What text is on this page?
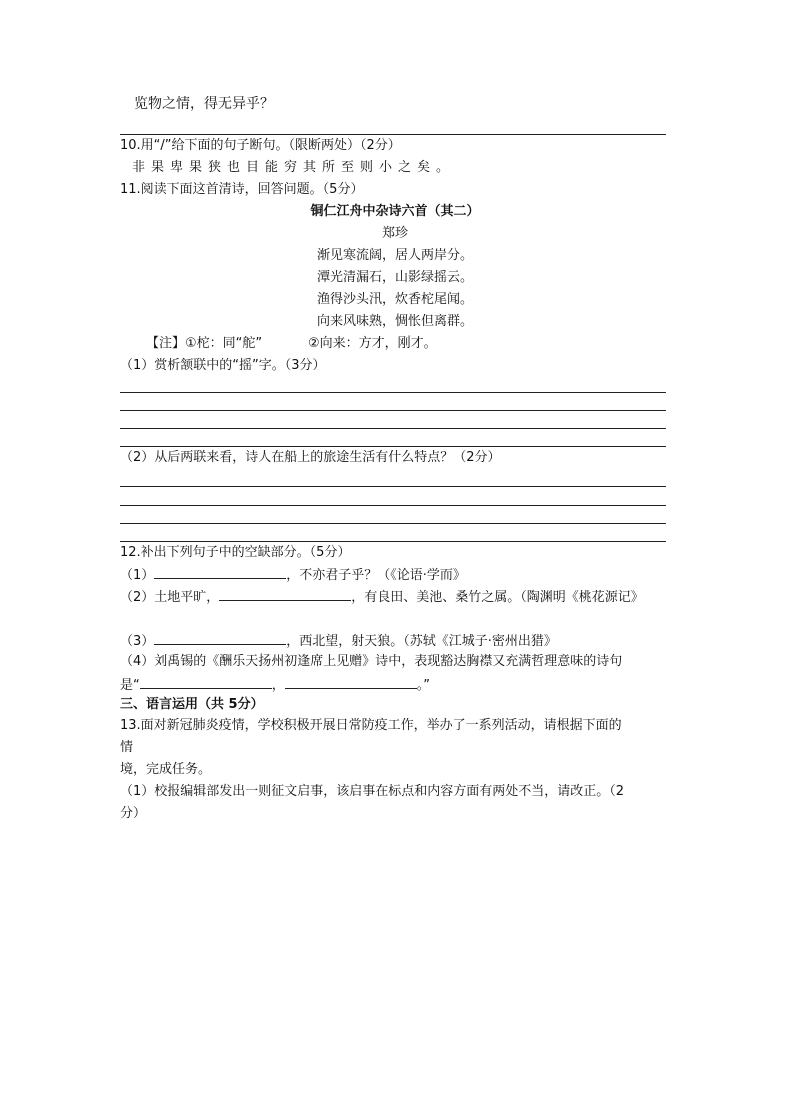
览物之情，得无异乎？
10.用“/”给下面的句子断句。（限断两处）（2分）
非果卑果狭也目能穷其所至则小之矣。
11.阅读下面这首清诗，回答问题。（5分）
铜仁江舟中杂诗六首（其二）
郑珍
渐见寒流阔，居人两岸分。
潭光清漏石，山影绿摇云。
渔得沙头汛，炊香柁尾闻。
向来风味熟，惆怅但离群。
【注】①柁：同“舵”	②向来：方才，刚才。
（1）赏析颔联中的“摇”字。（3分）
（2）从后两联来看，诗人在船上的旅途生活有什么特点？（2分）
12.补出下列句子中的空缺部分。（5分）
（1）	，不亦君子乎？（《论语·学而》
（2）土地平旷，	，有良田、美池、桑竹之属。（陶渊明《桃花源记》
（3）	，西北望，射天狼。（苏轼《江城子·密州出猎》
（4）刘禹锡的《酬乐天扬州初逢席上见赠》诗中，表现豁达胸襟又充满哲理意味的诗句
是“	，	。”
三、语言运用（共 5分）
13.面对新冠肺炎疫情，学校积极开展日常防疫工作，举办了一系列活动，请根据下面的
情
境，完成任务。
（1）校报编辑部发出一则征文启事，该启事在标点和内容方面有两处不当，请改正。（2
分）
